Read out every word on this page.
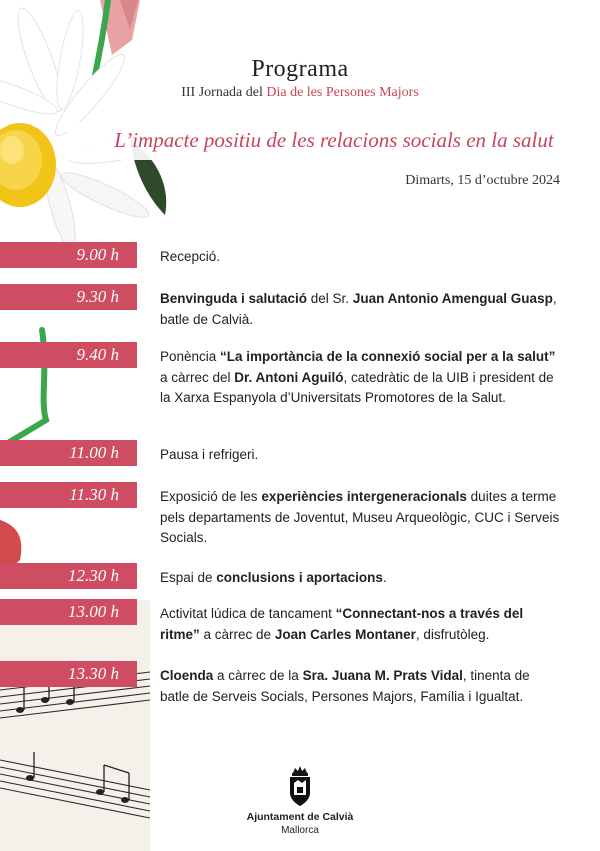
Programa
III Jornada del Dia de les Persones Majors
L’impacte positiu de les relacions socials en la salut
Dimarts, 15 d’octubre 2024
9.00 h	Recepció.
9.30 h	Benvinguda i salutació del Sr. Juan Antonio Amengual Guasp, batle de Calvià.
9.40 h	Ponència “La importància de la connexió social per a la salut” a càrrec del Dr. Antoni Aguiló, catedràtic de la UIB i president de la Xarxa Espanyola d’Universitats Promotores de la Salut.
11.00 h	Pausa i refrigeri.
11.30 h	Exposició de les experiències intergeneracionals duites a terme pels departaments de Joventut, Museu Arqueològic, CUC i Serveis Socials.
12.30 h	Espai de conclusions i aportacions.
13.00 h	Activitat lúdica de tancament “Connectant-nos a través del ritme” a càrrec de Joan Carles Montaner, disfrutòleg.
13.30 h	Cloenda a càrrec de la Sra. Juana M. Prats Vidal, tinenta de batle de Serveis Socials, Persones Majors, Família i Igualtat.
Ajuntament de Calvià
Mallorca
